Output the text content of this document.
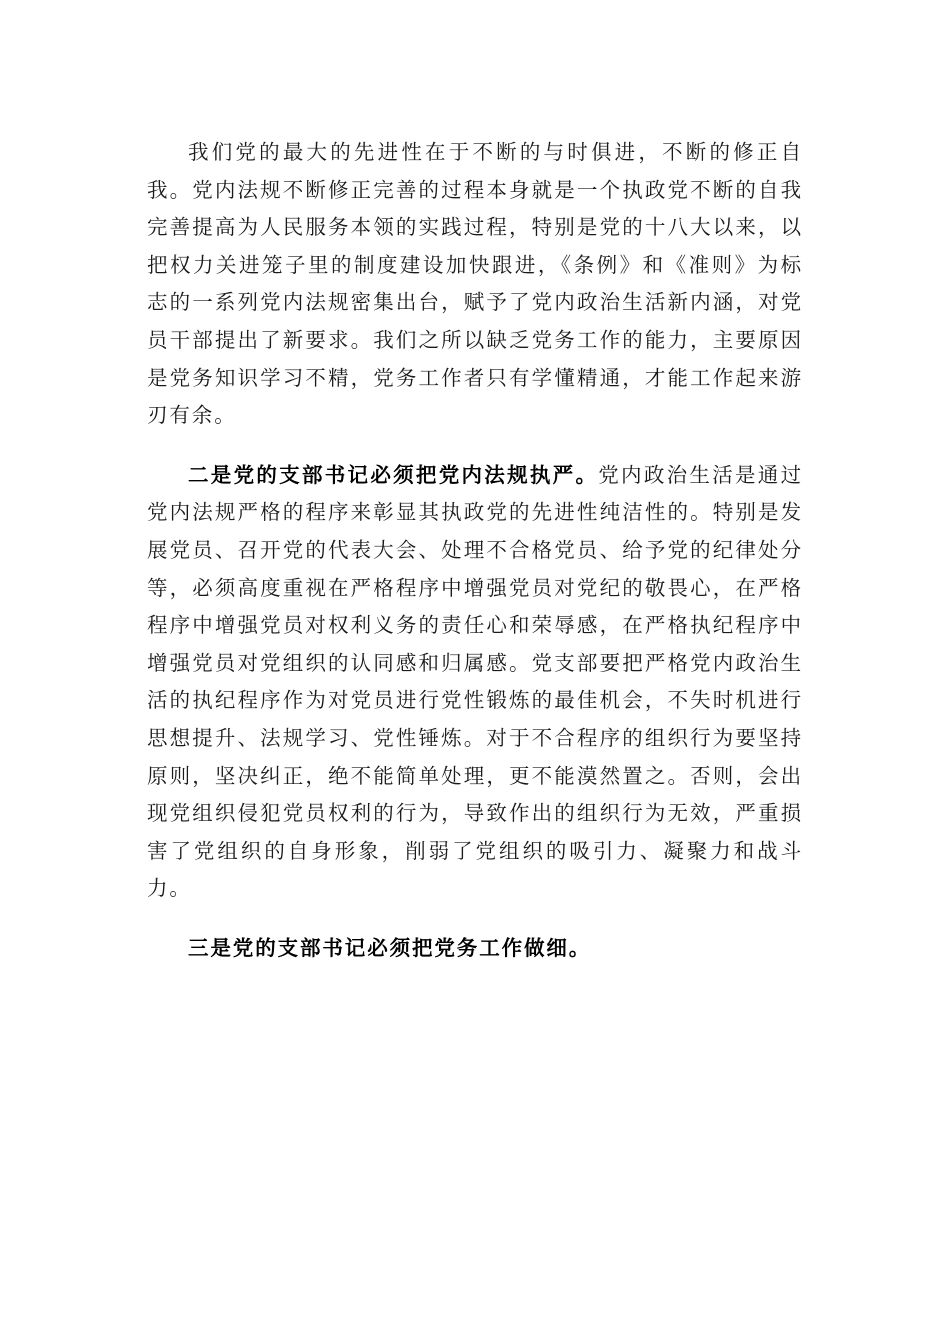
我们党的最大的先进性在于不断的与时俱进，不断的修正自我。党内法规不断修正完善的过程本身就是一个执政党不断的自我完善提高为人民服务本领的实践过程，特别是党的十八大以来，以把权力关进笼子里的制度建设加快跟进，《条例》和《准则》为标志的一系列党内法规密集出台，赋予了党内政治生活新内涵，对党员干部提出了新要求。我们之所以缺乏党务工作的能力，主要原因是党务知识学习不精，党务工作者只有学懂精通，才能工作起来游刃有余。

二是党的支部书记必须把党内法规执严。党内政治生活是通过党内法规严格的程序来彰显其执政党的先进性纯洁性的。特别是发展党员、召开党的代表大会、处理不合格党员、给予党的纪律处分等，必须高度重视在严格程序中增强党员对党纪的敬畏心，在严格程序中增强党员对权利义务的责任心和荣辱感，在严格执纪程序中增强党员对党组织的认同感和归属感。党支部要把严格党内政治生活的执纪程序作为对党员进行党性锻炼的最佳机会，不失时机进行思想提升、法规学习、党性锤炼。对于不合程序的组织行为要坚持原则，坚决纠正，绝不能简单处理，更不能漠然置之。否则，会出现党组织侵犯党员权利的行为，导致作出的组织行为无效，严重损害了党组织的自身形象，削弱了党组织的吸引力、凝聚力和战斗力。

三是党的支部书记必须把党务工作做细。
